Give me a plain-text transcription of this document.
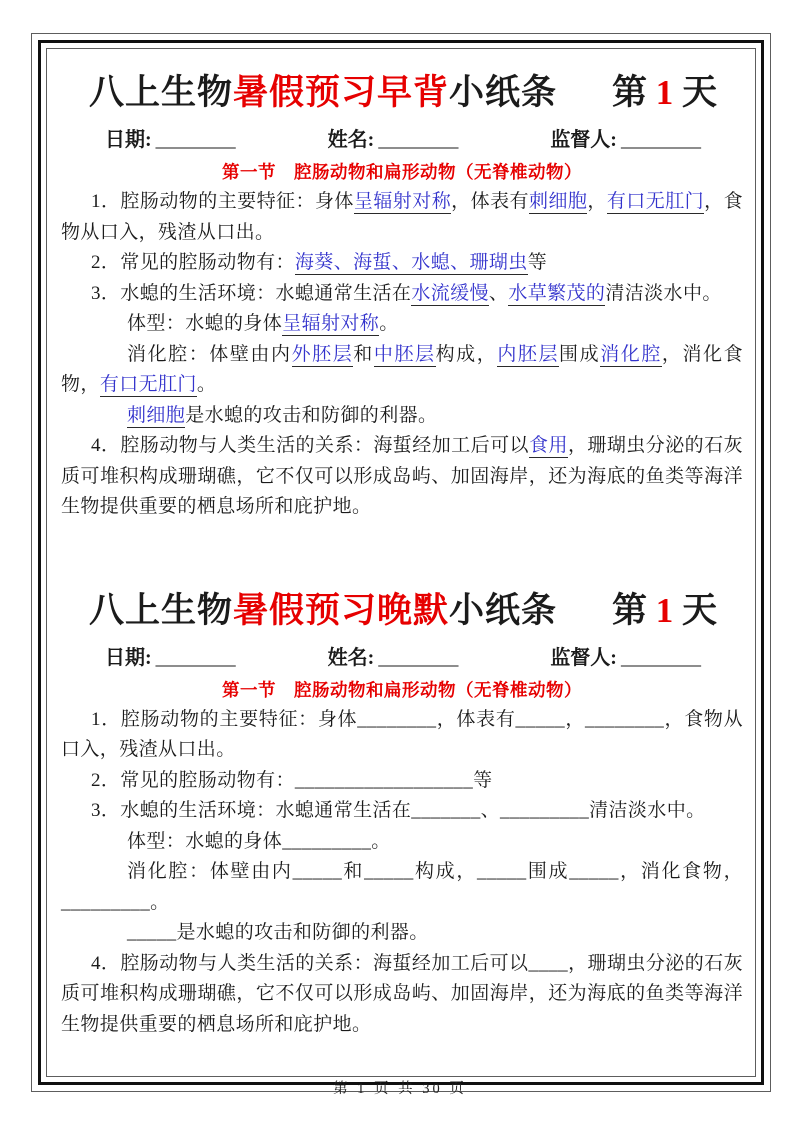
八上生物暑假预习早背小纸条 第 1 天
日期: ________	姓名: ________	监督人: ________
第一节　腔肠动物和扁形动物（无脊椎动物）

1．腔肠动物的主要特征：身体呈辐射对称，体表有刺细胞，有口无肛门，食物从口入，残渣从口出。

2．常见的腔肠动物有：海葵、海蜇、水螅、珊瑚虫等

3．水螅的生活环境：水螅通常生活在水流缓慢、水草繁茂的清洁淡水中。

体型：水螅的身体呈辐射对称。

消化腔：体壁由内外胚层和中胚层构成，内胚层围成消化腔，消化食物，有口无肛门。

刺细胞是水螅的攻击和防御的利器。

4．腔肠动物与人类生活的关系：海蜇经加工后可以食用，珊瑚虫分泌的石灰质可堆积构成珊瑚礁，它不仅可以形成岛屿、加固海岸，还为海底的鱼类等海洋生物提供重要的栖息场所和庇护地。

八上生物暑假预习晚默小纸条 第 1 天
日期: ________	姓名: ________	监督人: ________
第一节　腔肠动物和扁形动物（无脊椎动物）

1．腔肠动物的主要特征：身体________，体表有_____，________，食物从口入，残渣从口出。

2．常见的腔肠动物有：__________________等

3．水螅的生活环境：水螅通常生活在_______、_________清洁淡水中。

体型：水螅的身体_________。

消化腔：体壁由内_____和_____构成，_____围成_____，消化食物，_________。

_____是水螅的攻击和防御的利器。

4．腔肠动物与人类生活的关系：海蜇经加工后可以____，珊瑚虫分泌的石灰质可堆积构成珊瑚礁，它不仅可以形成岛屿、加固海岸，还为海底的鱼类等海洋生物提供重要的栖息场所和庇护地。

第 1 页 共 30 页
